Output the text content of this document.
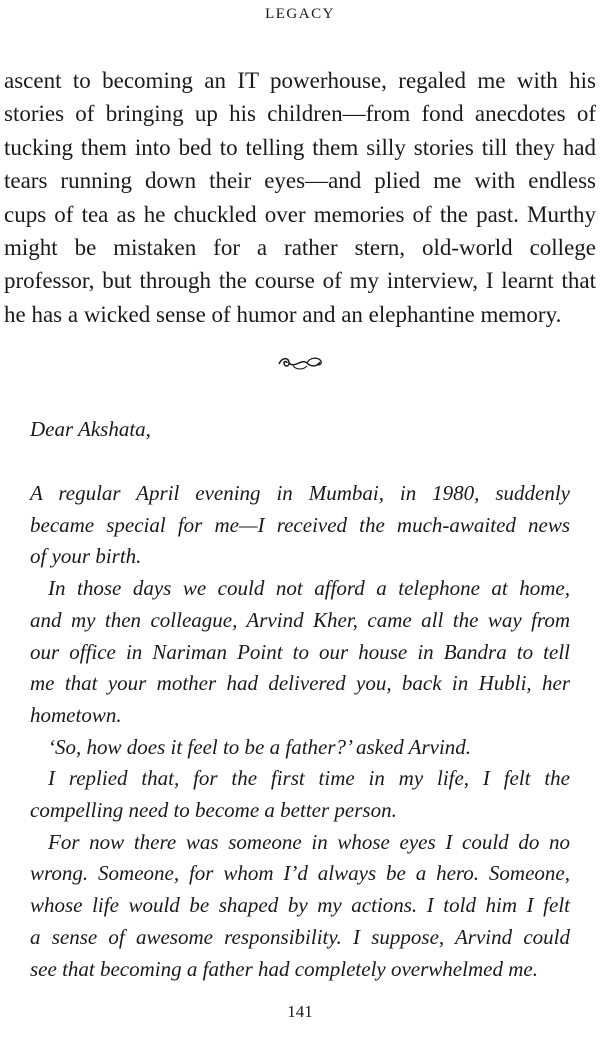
LEGACY

ascent to becoming an IT powerhouse, regaled me with his
stories of bringing up his children—from fond anecdotes of
tucking them into bed to telling them silly stories till they had
tears running down their eyes—and plied me with endless
cups of tea as he chuckled over memories of the past. Murthy
might be mistaken for a rather stern, old-world college
professor, but through the course of my interview, I learnt that
he has a wicked sense of humor and an elephantine memory.

Dear Akshata,

A regular April evening in Mumbai, in 1980, suddenly
became special for me—I received the much-awaited news
of your birth.
In those days we could not afford a telephone at home,
and my then colleague, Arvind Kher, came all the way from
our office in Nariman Point to our house in Bandra to tell
me that your mother had delivered you, back in Hubli, her
hometown.
‘So, how does it feel to be a father?’ asked Arvind.
I replied that, for the first time in my life, I felt the
compelling need to become a better person.
For now there was someone in whose eyes I could do no
wrong. Someone, for whom I’d always be a hero. Someone,
whose life would be shaped by my actions. I told him I felt
a sense of awesome responsibility. I suppose, Arvind could
see that becoming a father had completely overwhelmed me.

141
